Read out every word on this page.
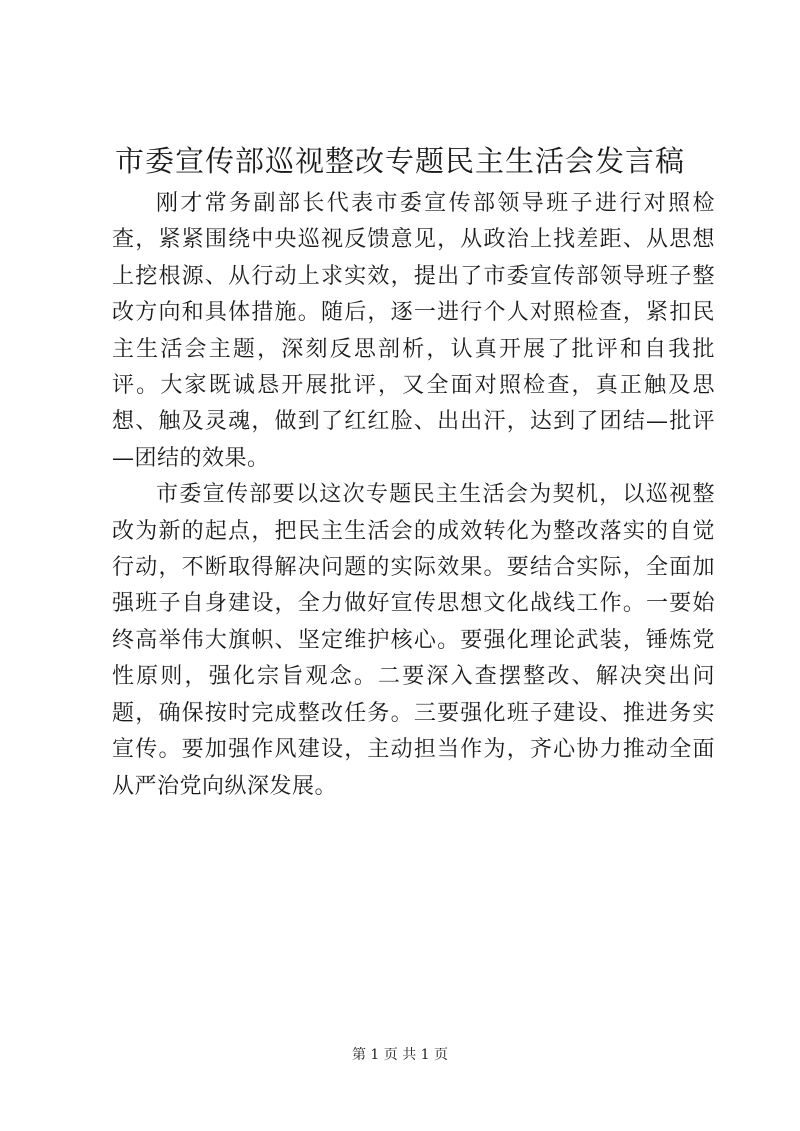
市委宣传部巡视整改专题民主生活会发言稿

刚才常务副部长代表市委宣传部领导班子进行对照检查，紧紧围绕中央巡视反馈意见，从政治上找差距、从思想上挖根源、从行动上求实效，提出了市委宣传部领导班子整改方向和具体措施。随后，逐一进行个人对照检查，紧扣民主生活会主题，深刻反思剖析，认真开展了批评和自我批评。大家既诚恳开展批评，又全面对照检查，真正触及思想、触及灵魂，做到了红红脸、出出汗，达到了团结—批评—团结的效果。

市委宣传部要以这次专题民主生活会为契机，以巡视整改为新的起点，把民主生活会的成效转化为整改落实的自觉行动，不断取得解决问题的实际效果。要结合实际，全面加强班子自身建设，全力做好宣传思想文化战线工作。一要始终高举伟大旗帜、坚定维护核心。要强化理论武装，锤炼党性原则，强化宗旨观念。二要深入查摆整改、解决突出问题，确保按时完成整改任务。三要强化班子建设、推进务实宣传。要加强作风建设，主动担当作为，齐心协力推动全面从严治党向纵深发展。

第 1 页 共 1 页
